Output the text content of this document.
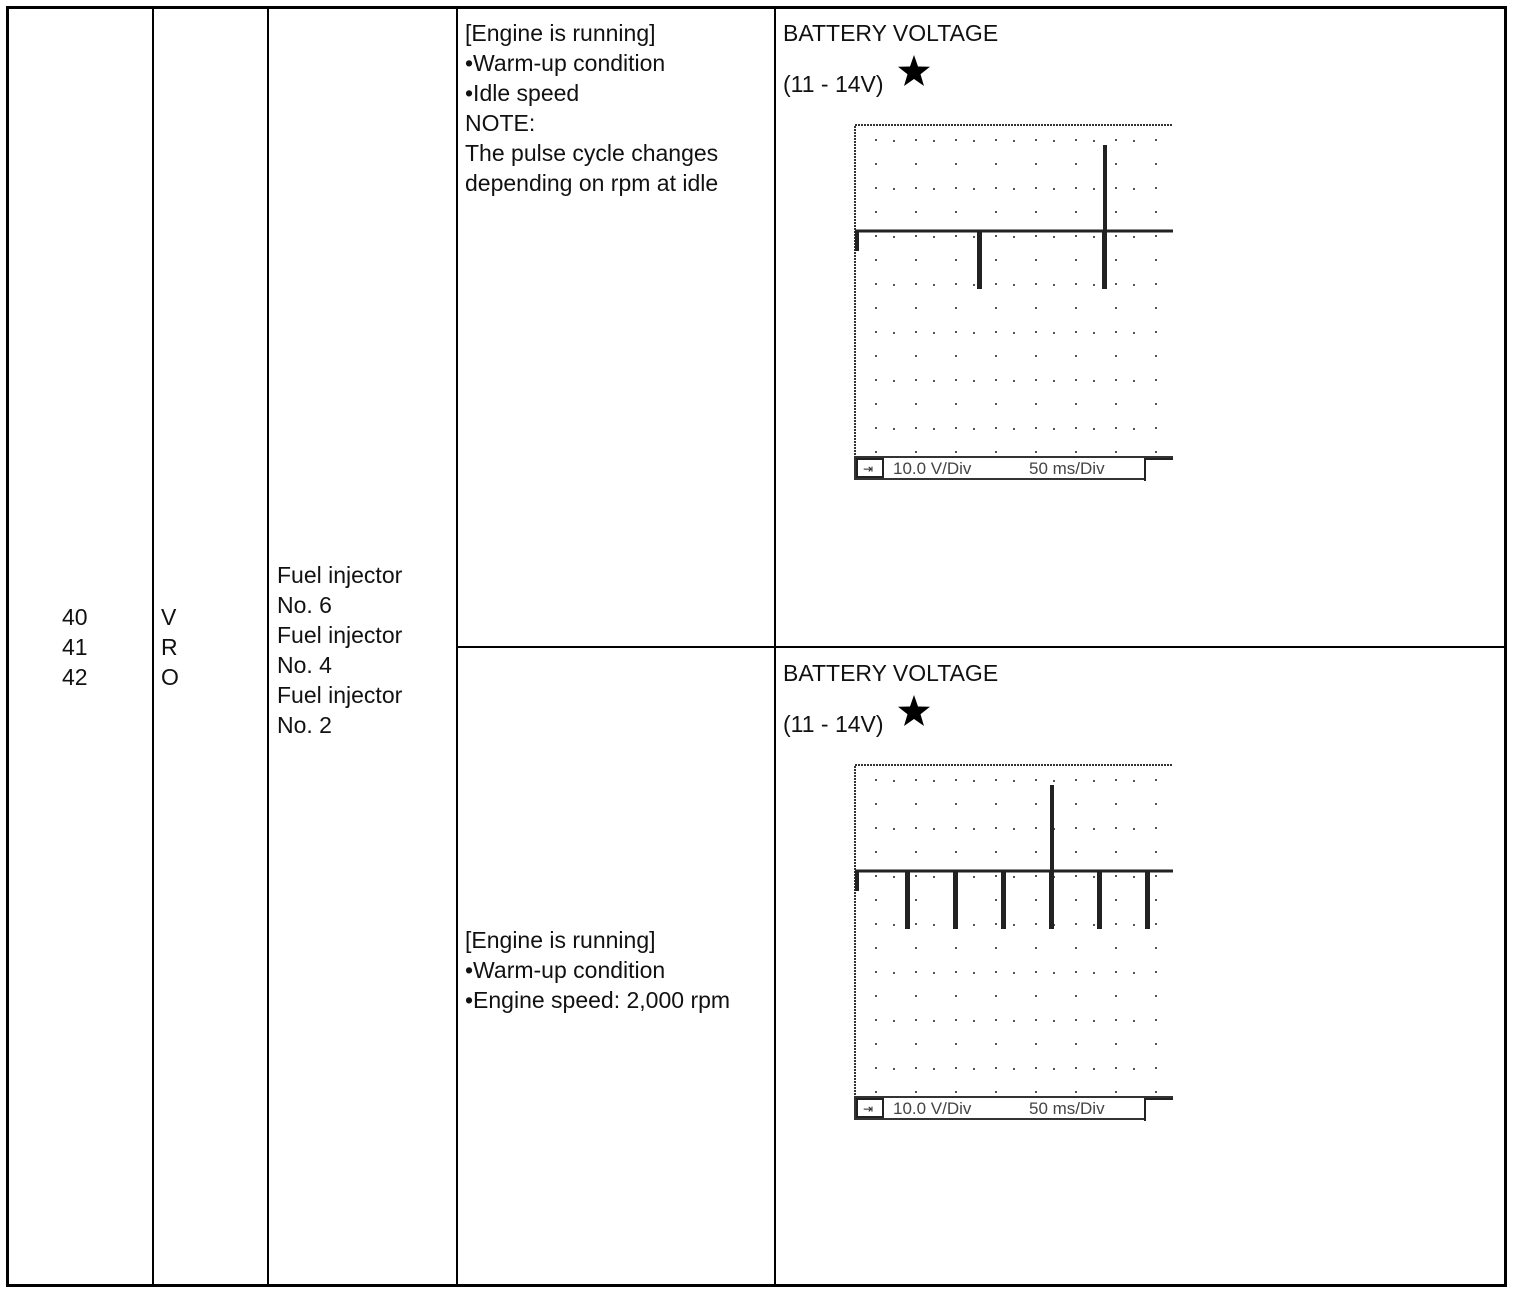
40
41
42
V
R
O
Fuel injector
No. 6
Fuel injector
No. 4
Fuel injector
No. 2
[Engine is running]
•Warm-up condition
•Idle speed
NOTE:
The pulse cycle changes
depending on rpm at idle
BATTERY VOLTAGE
(11 - 14V)
⇥ 10.0 V/Div	50 ms/Div
[Engine is running]
•Warm-up condition
•Engine speed: 2,000 rpm
BATTERY VOLTAGE
(11 - 14V)
⇥ 10.0 V/Div	50 ms/Div
